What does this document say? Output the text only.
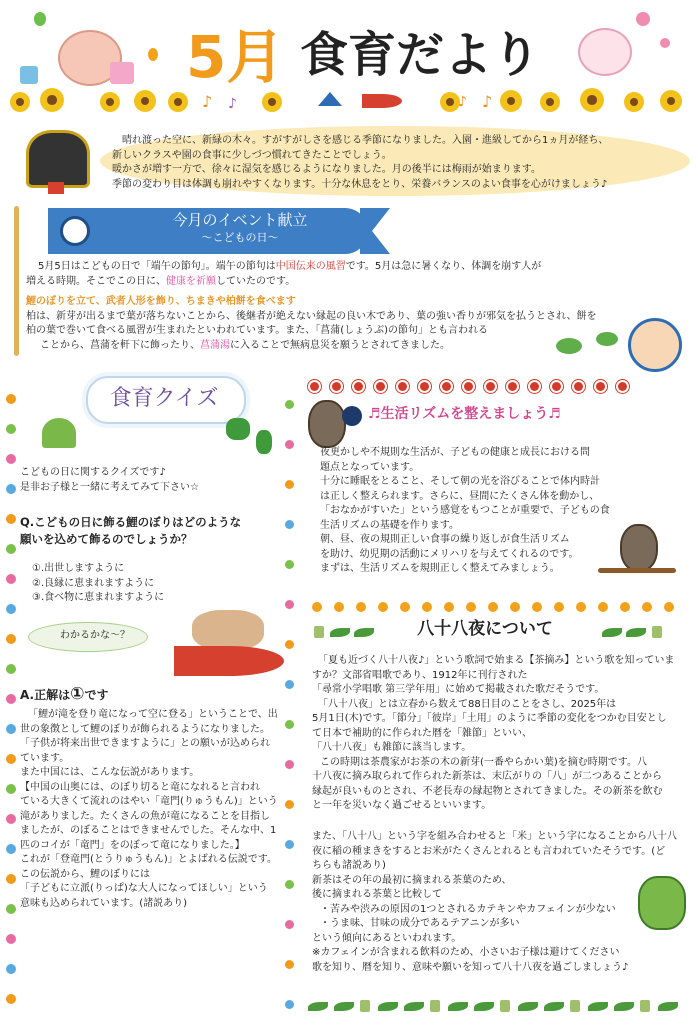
5月 食育だより
♪ ♪	♪ ♪
晴れ渡った空に、新緑の木々。すがすがしさを感じる季節になりました。入園・進級してから1ヵ月が経ち、
新しいクラスや園の食事に少しづつ慣れてきたことでしょう。
暖かさが増す一方で、徐々に湿気を感じるようになりました。月の後半には梅雨が始まります。
季節の変わり目は体調も崩れやすくなります。十分な休息をとり、栄養バランスのよい食事を心がけましょう♪
今月のイベント献立
〜こどもの日〜
5月5日はこどもの日で「端午の節句」。端午の節句は中国伝来の風習です。5月は急に暑くなり、体調を崩す人が
増える時期。そこでこの日に、健康を祈願していたのです。
鯉のぼりを立て、武者人形を飾り、ちまきや柏餅を食べます
柏は、新芽が出るまで葉が落ちないことから、後継者が絶えない縁起の良い木であり、葉の強い香りが邪気を払うとされ、餅を
柏の葉で巻いて食べる風習が生まれたといわれています。また、「菖蒲(しょうぶ)の節句」とも言われる
ことから、菖蒲を軒下に飾ったり、菖蒲湯に入ることで無病息災を願うとされてきました。
食育クイズ
こどもの日に関するクイズです♪
是非お子様と一緒に考えてみて下さい☆
Q.こどもの日に飾る鯉のぼりはどのような
願いを込めて飾るのでしょうか？
①.出世しますように
②.良縁に恵まれますように
③.食べ物に恵まれますように
わかるかな〜？
A.正解は①です
「鯉が滝を登り竜になって空に登る」ということで、出
世の象徴として鯉のぼりが飾られるようになりました。
「子供が将来出世できますように」との願いが込められ
ています。
また中国には、こんな伝説があります。
【中国の山奥には、のぼり切ると竜になれると言われ
ている大きくて流れのはやい「竜門(りゅうもん)」という
滝がありました。たくさんの魚が竜になることを目指し
ましたが、のぼることはできませんでした。そんな中、1
匹のコイが「竜門」をのぼって竜になりました。】
これが「登竜門(とうりゅうもん)」とよばれる伝説です。
この伝説から、鯉のぼりには
「子どもに立派(りっぱ)な大人になってほしい」という
意味も込められています。(諸説あり)
♬生活リズムを整えましょう♬
夜更かしや不規則な生活が、子どもの健康と成長における問
題点となっています。
十分に睡眠をとること、そして朝の光を浴びることで体内時計
は正しく整えられます。さらに、昼間にたくさん体を動かし、
「おなかがすいた」という感覚をもつことが重要で、子どもの食
生活リズムの基礎を作ります。
朝、昼、夜の規則正しい食事の繰り返しが食生活リズム
を助け、幼児期の活動にメリハリを与えてくれるのです。
まずは、生活リズムを規則正しく整えてみましょう。
八十八夜について
「夏も近づく八十八夜♪」という歌詞で始まる【茶摘み】という歌を知っていま
すか？文部省唱歌であり、1912年に刊行された
「尋常小学唱歌 第三学年用」に始めて掲載された歌だそうです。
「八十八夜」とは立春から数えて88日目のことをさし、2025年は
5月1日(木)です。「節分」「彼岸」「土用」のように季節の変化をつかむ目安とし
て日本で補助的に作られた暦を「雑節」といい、
「八十八夜」も雑節に該当します。
この時期は茶農家がお茶の木の新芽(一番やらかい葉)を摘む時期です。八
十八夜に摘み取られて作られた新茶は、末広がりの「八」が二つあることから
縁起が良いものとされ、不老長寿の縁起物とされてきました。その新茶を飲む
と一年を災いなく過ごせるといいます。
また、「八十八」という字を組み合わせると「米」という字になることから八十八
夜に稲の種まきをするとお米がたくさんとれるとも言われていたそうです。(ど
ちらも諸説あり)
新茶はその年の最初に摘まれる茶葉のため、
後に摘まれる茶葉と比較して
・苦みや渋みの原因の1つとされるカテキンやカフェインが少ない
・うま味、甘味の成分であるテアニンが多い
という傾向にあるといわれます。
※カフェインが含まれる飲料のため、小さいお子様は避けてください
歌を知り、暦を知り、意味や願いを知って八十八夜を過ごしましょう♪
